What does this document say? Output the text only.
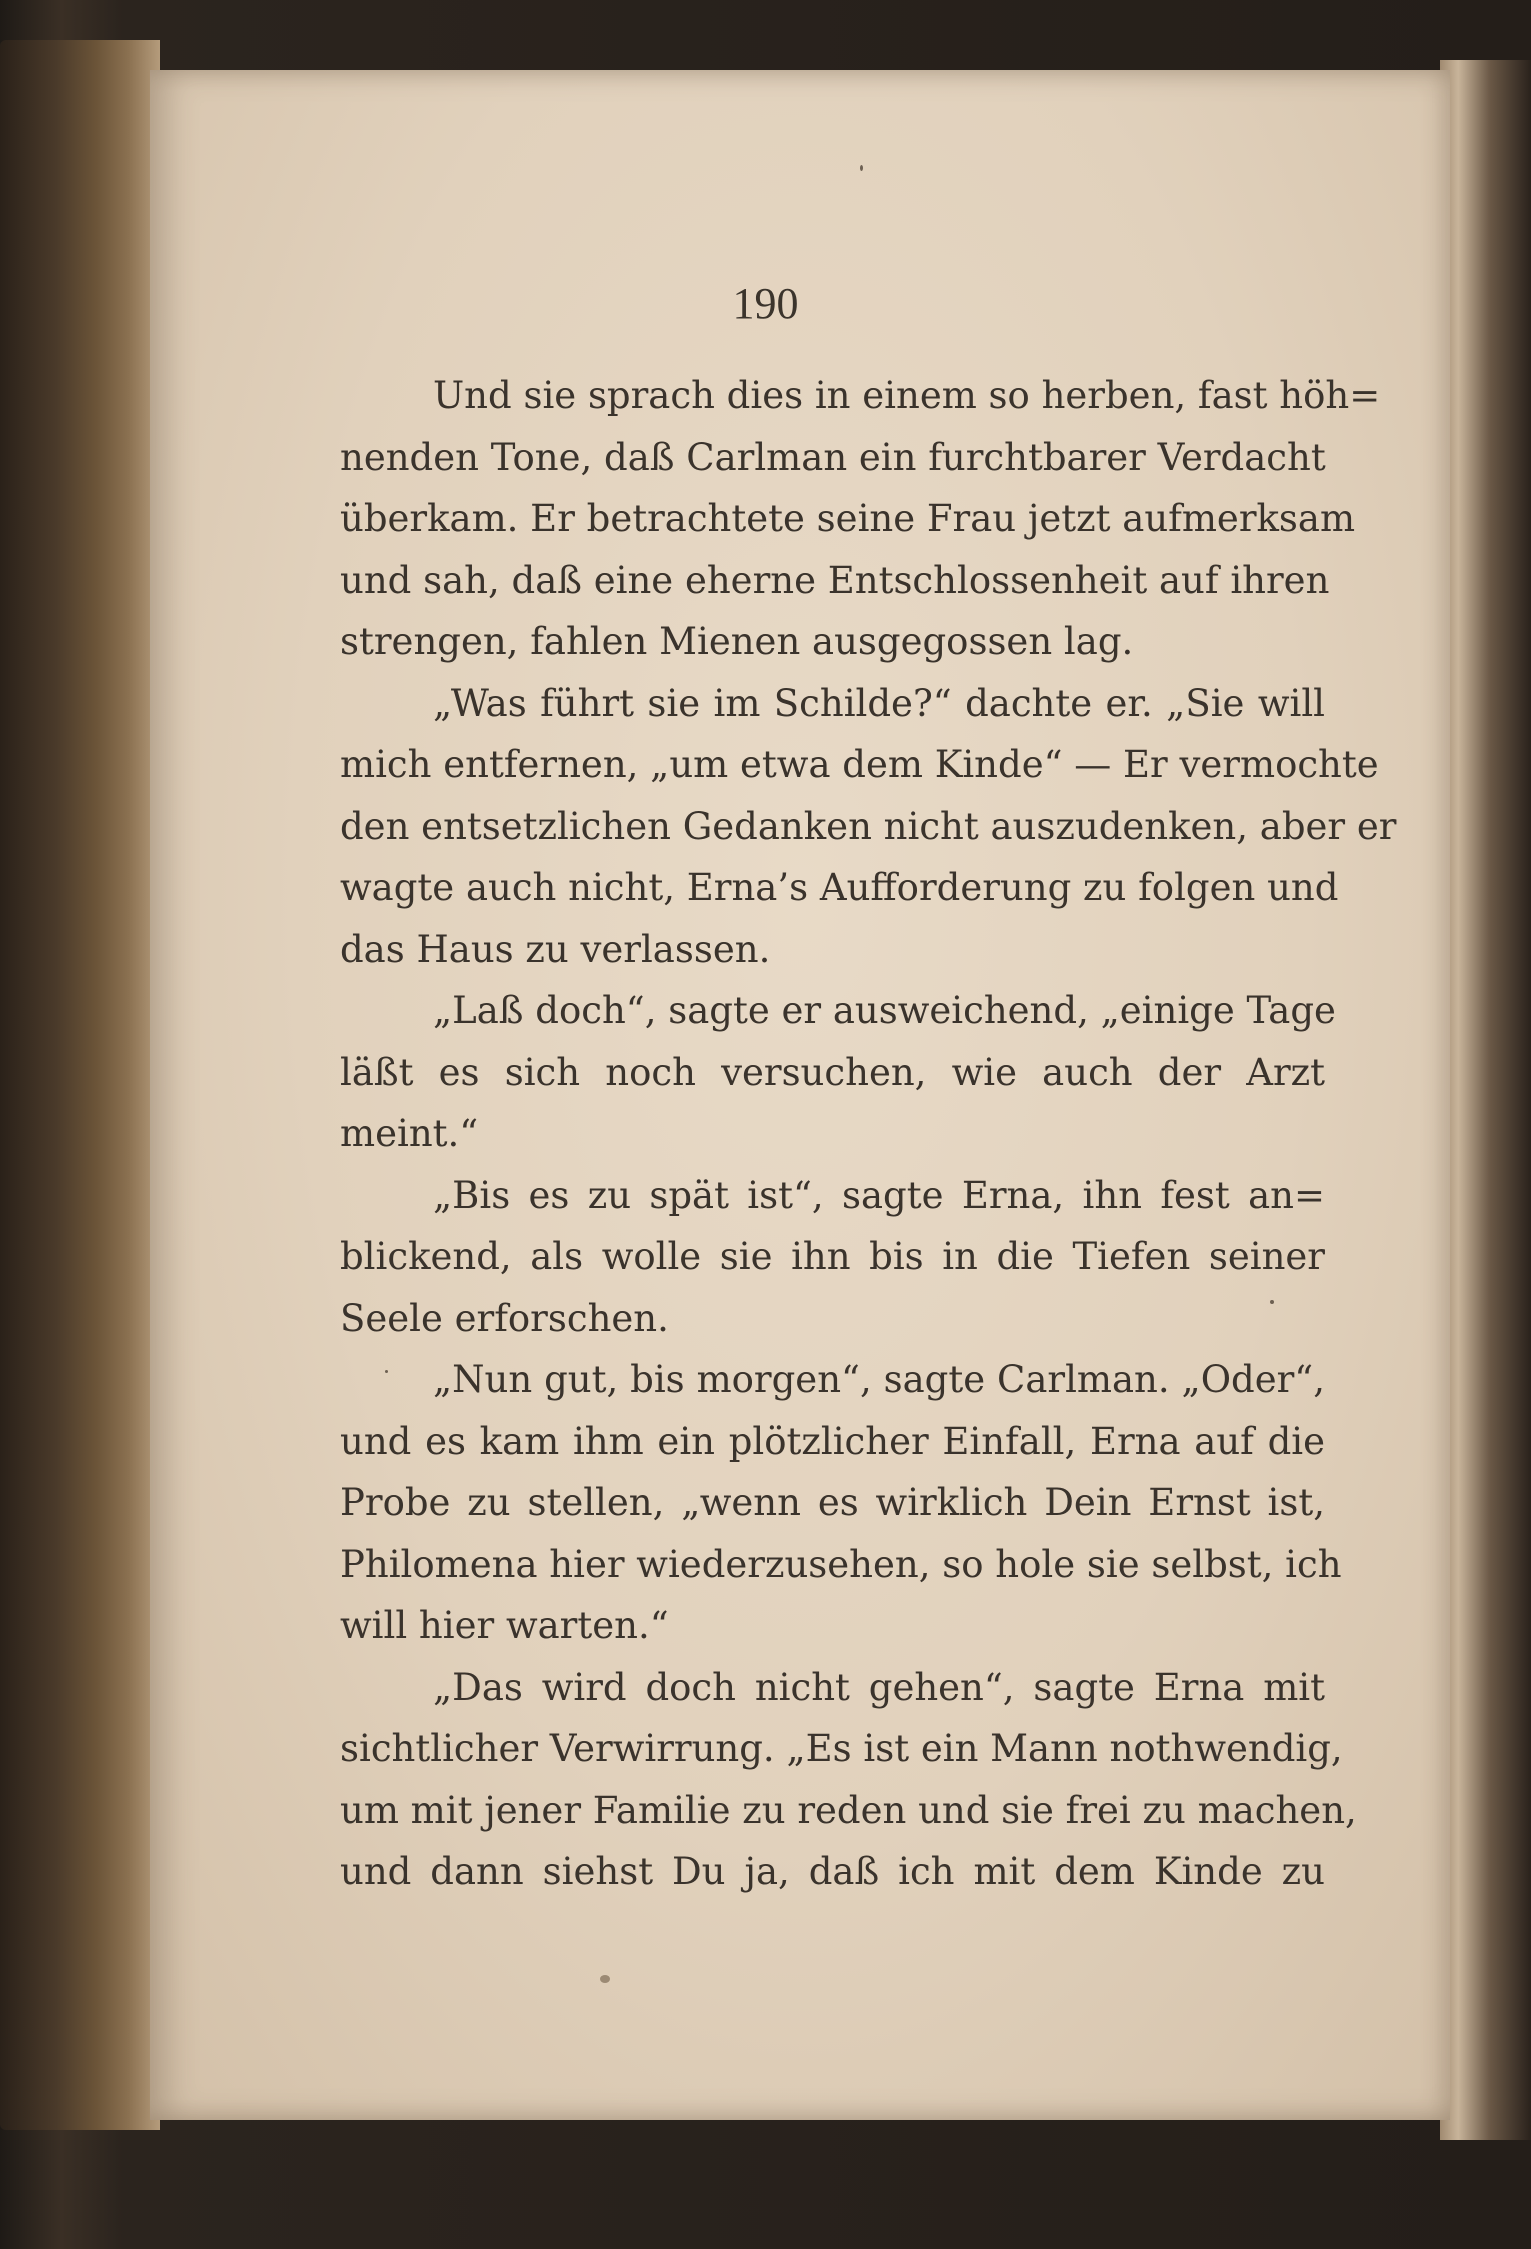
190
Und sie sprach dies in einem so herben, fast höh=
nenden Tone, daß Carlman ein furchtbarer Verdacht
überkam. Er betrachtete seine Frau jetzt aufmerksam
und sah, daß eine eherne Entschlossenheit auf ihren
strengen, fahlen Mienen ausgegossen lag.
„Was führt sie im Schilde?“ dachte er. „Sie will
mich entfernen, „um etwa dem Kinde“ — Er vermochte
den entsetzlichen Gedanken nicht auszudenken, aber er
wagte auch nicht, Erna’s Aufforderung zu folgen und
das Haus zu verlassen.
„Laß doch“, sagte er ausweichend, „einige Tage
läßt es sich noch versuchen, wie auch der Arzt
meint.“
„Bis es zu spät ist“, sagte Erna, ihn fest an=
blickend, als wolle sie ihn bis in die Tiefen seiner
Seele erforschen.
„Nun gut, bis morgen“, sagte Carlman. „Oder“,
und es kam ihm ein plötzlicher Einfall, Erna auf die
Probe zu stellen, „wenn es wirklich Dein Ernst ist,
Philomena hier wiederzusehen, so hole sie selbst, ich
will hier warten.“
„Das wird doch nicht gehen“, sagte Erna mit
sichtlicher Verwirrung. „Es ist ein Mann nothwendig,
um mit jener Familie zu reden und sie frei zu machen,
und dann siehst Du ja, daß ich mit dem Kinde zu
